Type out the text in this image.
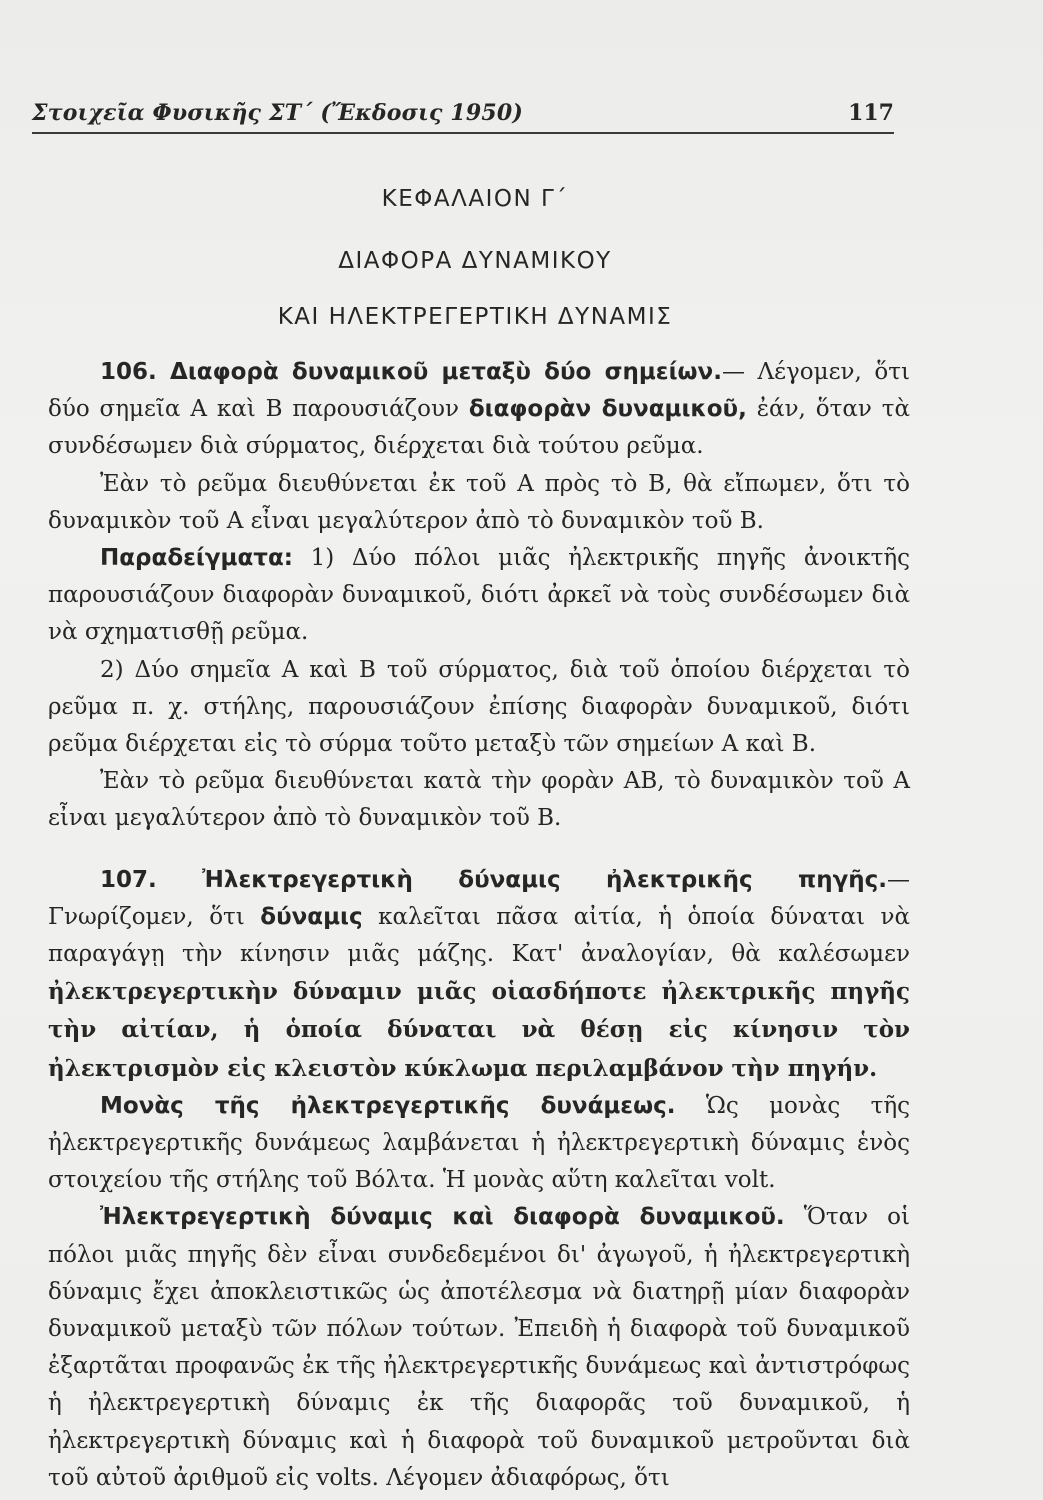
Στοιχεῖα Φυσικῆς ΣΤ΄ (Ἔκδοσις 1950)	117
ΚΕΦΑΛΑΙΟΝ Γ΄
ΔΙΑΦΟΡΑ ΔΥΝΑΜΙΚΟΥ
ΚΑΙ ΗΛΕΚΤΡΕΓΕΡΤΙΚΗ ΔΥΝΑΜΙΣ

106. Διαφορὰ δυναμικοῦ μεταξὺ δύο σημείων.— Λέγομεν, ὅτι δύο σημεῖα Α καὶ Β παρουσιάζουν διαφορὰν δυναμικοῦ, ἐάν, ὅταν τὰ συνδέσωμεν διὰ σύρματος, διέρχεται διὰ τούτου ρεῦμα.

Ἐὰν τὸ ρεῦμα διευθύνεται ἐκ τοῦ Α πρὸς τὸ Β, θὰ εἴπωμεν, ὅτι τὸ δυναμικὸν τοῦ Α εἶναι μεγαλύτερον ἀπὸ τὸ δυναμικὸν τοῦ Β.

Παραδείγματα: 1) Δύο πόλοι μιᾶς ἠλεκτρικῆς πηγῆς ἀνοικτῆς παρουσιάζουν διαφορὰν δυναμικοῦ, διότι ἀρκεῖ νὰ τοὺς συνδέσωμεν διὰ νὰ σχηματισθῇ ρεῦμα.

2) Δύο σημεῖα Α καὶ Β τοῦ σύρματος, διὰ τοῦ ὁποίου διέρχεται τὸ ρεῦμα π. χ. στήλης, παρουσιάζουν ἐπίσης διαφορὰν δυναμικοῦ, διότι ρεῦμα διέρχεται εἰς τὸ σύρμα τοῦτο μεταξὺ τῶν σημείων Α καὶ Β.

Ἐὰν τὸ ρεῦμα διευθύνεται κατὰ τὴν φορὰν ΑΒ, τὸ δυναμικὸν τοῦ Α εἶναι μεγαλύτερον ἀπὸ τὸ δυναμικὸν τοῦ Β.

107. Ἠλεκτρεγερτικὴ δύναμις ἠλεκτρικῆς πηγῆς.— Γνωρίζομεν, ὅτι δύναμις καλεῖται πᾶσα αἰτία, ἡ ὁποία δύναται νὰ παραγάγῃ τὴν κίνησιν μιᾶς μάζης. Κατ' ἀναλογίαν, θὰ καλέσωμεν ἠλεκτρεγερτικὴν δύναμιν μιᾶς οἱασδήποτε ἠλεκτρικῆς πηγῆς τὴν αἰτίαν, ἡ ὁποία δύναται νὰ θέσῃ εἰς κίνησιν τὸν ἠλεκτρισμὸν εἰς κλειστὸν κύκλωμα περιλαμβάνον τὴν πηγήν.

Μονὰς τῆς ἠλεκτρεγερτικῆς δυνάμεως. Ὡς μονὰς τῆς ἠλεκτρεγερτικῆς δυνάμεως λαμβάνεται ἡ ἠλεκτρεγερτικὴ δύναμις ἑνὸς στοιχείου τῆς στήλης τοῦ Βόλτα. Ἡ μονὰς αὕτη καλεῖται volt.

Ἠλεκτρεγερτικὴ δύναμις καὶ διαφορὰ δυναμικοῦ. Ὅταν οἱ πόλοι μιᾶς πηγῆς δὲν εἶναι συνδεδεμένοι δι' ἀγωγοῦ, ἡ ἠλεκτρεγερτικὴ δύναμις ἔχει ἀποκλειστικῶς ὡς ἀποτέλεσμα νὰ διατηρῇ μίαν διαφορὰν δυναμικοῦ μεταξὺ τῶν πόλων τούτων. Ἐπειδὴ ἡ διαφορὰ τοῦ δυναμικοῦ ἐξαρτᾶται προφανῶς ἐκ τῆς ἠλεκτρεγερτικῆς δυνάμεως καὶ ἀντιστρόφως ἡ ἠλεκτρεγερτικὴ δύναμις ἐκ τῆς διαφορᾶς τοῦ δυναμικοῦ, ἡ ἠλεκτρεγερτικὴ δύναμις καὶ ἡ διαφορὰ τοῦ δυναμικοῦ μετροῦνται διὰ τοῦ αὐτοῦ ἀριθμοῦ εἰς volts. Λέγομεν ἀδιαφόρως, ὅτι
